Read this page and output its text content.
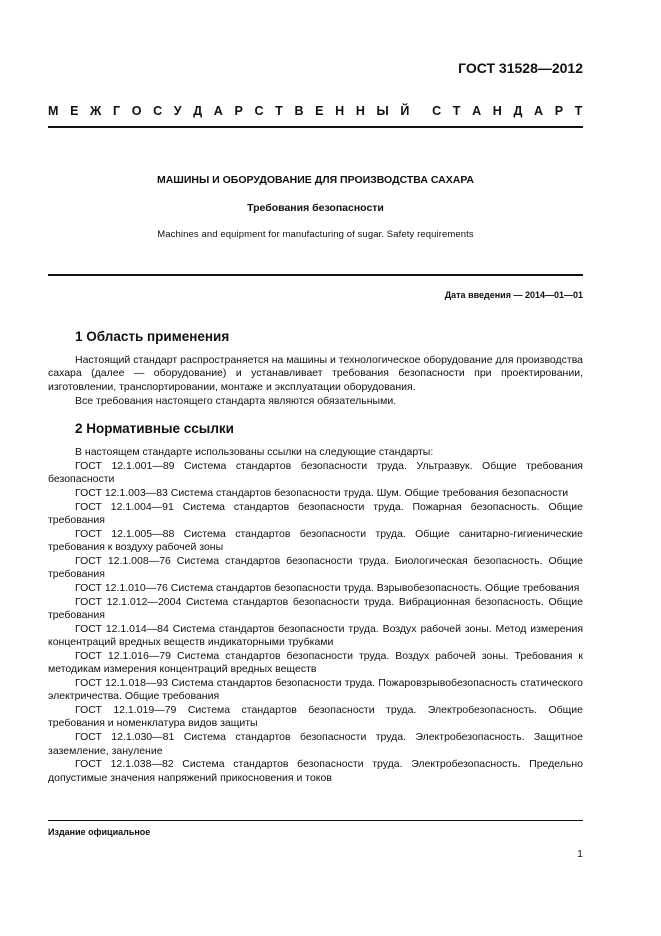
ГОСТ 31528—2012
М Е Ж Г О С У Д А Р С Т В Е Н Н Ы Й С Т А Н Д А Р Т
МАШИНЫ И ОБОРУДОВАНИЕ ДЛЯ ПРОИЗВОДСТВА САХАРА
Требования безопасности
Machines and equipment for manufacturing of sugar. Safety requirements
Дата введения — 2014—01—01
1 Область применения
Настоящий стандарт распространяется на машины и технологическое оборудование для производства сахара (далее — оборудование) и устанавливает требования безопасности при проектировании, изготовлении, транспортировании, монтаже и эксплуатации оборудования.
Все требования настоящего стандарта являются обязательными.
2 Нормативные ссылки

В настоящем стандарте использованы ссылки на следующие стандарты:

ГОСТ 12.1.001—89 Система стандартов безопасности труда. Ультразвук. Общие требования безопасности

ГОСТ 12.1.003—83 Система стандартов безопасности труда. Шум. Общие требования безопасности

ГОСТ 12.1.004—91 Система стандартов безопасности труда. Пожарная безопасность. Общие требования

ГОСТ 12.1.005—88 Система стандартов безопасности труда. Общие санитарно-гигиенические требования к воздуху рабочей зоны

ГОСТ 12.1.008—76 Система стандартов безопасности труда. Биологическая безопасность. Общие требования

ГОСТ 12.1.010—76 Система стандартов безопасности труда. Взрывобезопасность. Общие требования

ГОСТ 12.1.012—2004 Система стандартов безопасности труда. Вибрационная безопасность. Общие требования

ГОСТ 12.1.014—84 Система стандартов безопасности труда. Воздух рабочей зоны. Метод измерения концентраций вредных веществ индикаторными трубками

ГОСТ 12.1.016—79 Система стандартов безопасности труда. Воздух рабочей зоны. Требования к методикам измерения концентраций вредных веществ

ГОСТ 12.1.018—93 Система стандартов безопасности труда. Пожаровзрывобезопасность статического электричества. Общие требования

ГОСТ 12.1.019—79 Система стандартов безопасности труда. Электробезопасность. Общие требования и номенклатура видов защиты

ГОСТ 12.1.030—81 Система стандартов безопасности труда. Электробезопасность. Защитное заземление, зануление

ГОСТ 12.1.038—82 Система стандартов безопасности труда. Электробезопасность. Предельно допустимые значения напряжений прикосновения и токов

Издание официальное
1
